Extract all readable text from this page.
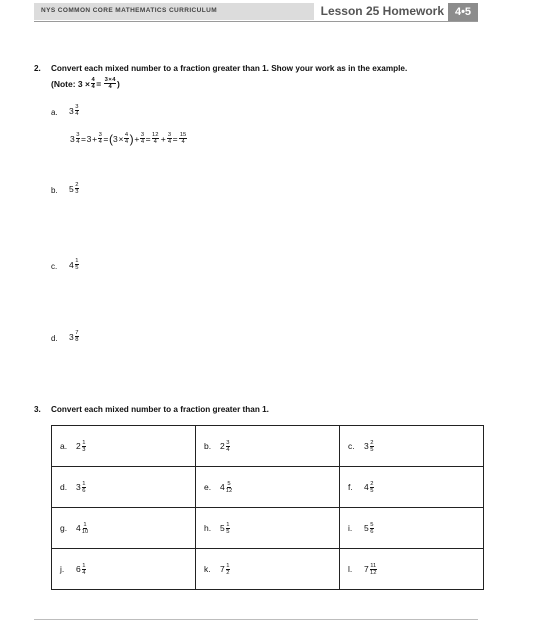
NYS COMMON CORE MATHEMATICS CURRICULUM	Lesson 25 Homework 4•5
2. Convert each mixed number to a fraction greater than 1. Show your work as in the example.
(Note: $3 \times \frac{4}{4} = \frac{3 \times 4}{4}$ )
a. 3 3
4
$3 \frac{3}{4}$ =
  3
  + $\frac{3}{4}$ =
  ( 3
  × $\frac{4}{4}$ )
  + $\frac{3}{4} = \frac{12}{4}$
  +
  $\frac{3}{4}$ =
  $\frac{15}{4}$
b. 5 2
3
c. 4 1
5
d. 3 7
8
3. Convert each mixed number to a fraction greater than 1.
a. $2 \frac{1}{3}$	b. $2 \frac{3}{4}$	c. $3 \frac{2}{5}$

d. $3 \frac{1}{6}$	e. $4 \frac{5}{12}$	f. $4 \frac{2}{5}$

g. $4 \frac{1}{10}$	h. $5 \frac{1}{5}$	i. $5 \frac{5}{6}$

j. $6 \frac{1}{4}$	k. $7 \frac{1}{2}$	l. $7 \frac{11}{12}$
